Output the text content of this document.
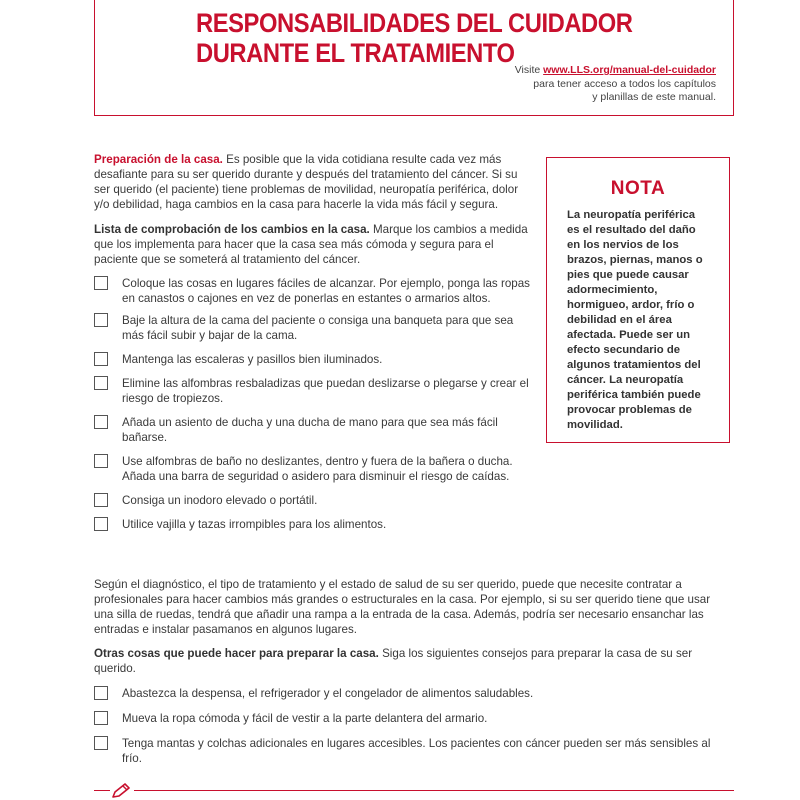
RESPONSABILIDADES DEL CUIDADOR
DURANTE EL TRATAMIENTO
Visite www.LLS.org/manual-del-cuidador
para tener acceso a todos los capítulos
y planillas de este manual.

Preparación de la casa. Es posible que la vida cotidiana resulte cada vez más desafiante para su ser querido durante y después del tratamiento del cáncer. Si su ser querido (el paciente) tiene problemas de movilidad, neuropatía periférica, dolor y/o debilidad, haga cambios en la casa para hacerle la vida más fácil y segura.

Lista de comprobación de los cambios en la casa. Marque los cambios a medida que los implementa para hacer que la casa sea más cómoda y segura para el paciente que se someterá al tratamiento del cáncer.

Coloque las cosas en lugares fáciles de alcanzar. Por ejemplo, ponga las ropas en canastos o cajones en vez de ponerlas en estantes o armarios altos.
Baje la altura de la cama del paciente o consiga una banqueta para que sea más fácil subir y bajar de la cama.
Mantenga las escaleras y pasillos bien iluminados.
Elimine las alfombras resbaladizas que puedan deslizarse o plegarse y crear el riesgo de tropiezos.
Añada un asiento de ducha y una ducha de mano para que sea más fácil bañarse.
Use alfombras de baño no deslizantes, dentro y fuera de la bañera o ducha. Añada una barra de seguridad o asidero para disminuir el riesgo de caídas.
Consiga un inodoro elevado o portátil.
Utilice vajilla y tazas irrompibles para los alimentos.

Según el diagnóstico, el tipo de tratamiento y el estado de salud de su ser querido, puede que necesite contratar a profesionales para hacer cambios más grandes o estructurales en la casa. Por ejemplo, si su ser querido tiene que usar una silla de ruedas, tendrá que añadir una rampa a la entrada de la casa. Además, podría ser necesario ensanchar las entradas e instalar pasamanos en algunos lugares.

Otras cosas que puede hacer para preparar la casa. Siga los siguientes consejos para preparar la casa de su ser querido.

Abastezca la despensa, el refrigerador y el congelador de alimentos saludables.
Mueva la ropa cómoda y fácil de vestir a la parte delantera del armario.
Tenga mantas y colchas adicionales en lugares accesibles. Los pacientes con cáncer pueden ser más sensibles al frío.
NOTA

La neuropatía periférica es el resultado del daño en los nervios de los brazos, piernas, manos o pies que puede causar adormecimiento, hormigueo, ardor, frío o debilidad en el área afectada. Puede ser un efecto secundario de algunos tratamientos del cáncer. La neuropatía periférica también puede provocar problemas de movilidad.
